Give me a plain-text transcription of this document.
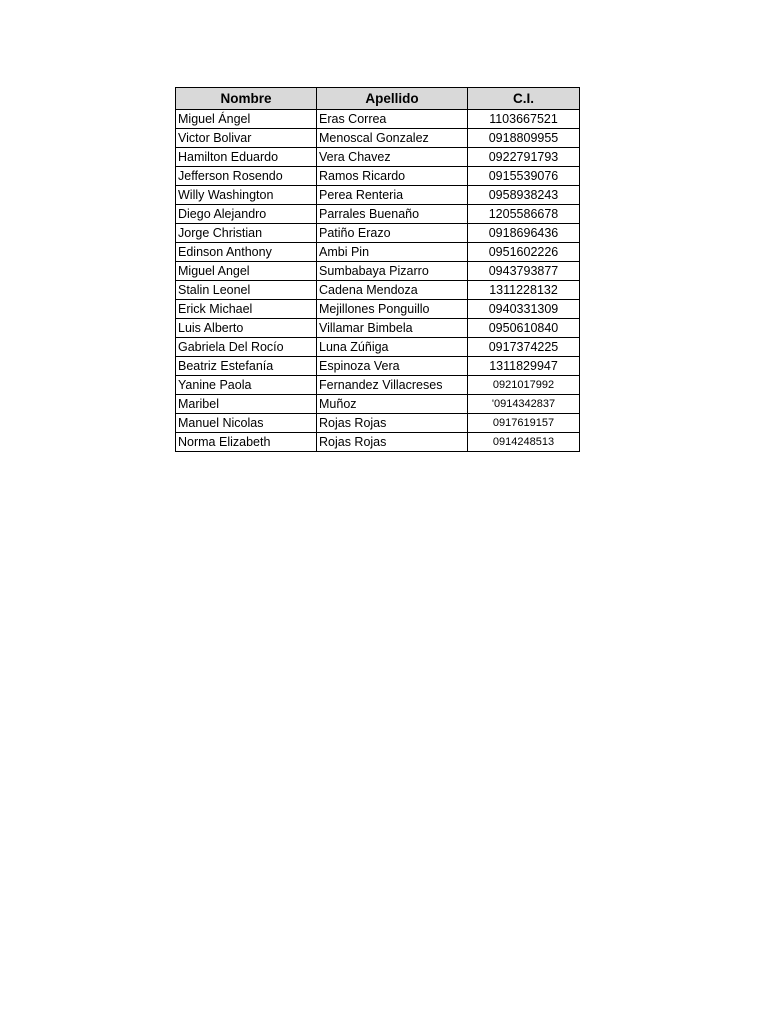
Nombre	Apellido	C.I.
Miguel Ángel	Eras Correa	1103667521
Victor Bolivar	Menoscal Gonzalez	0918809955
Hamilton Eduardo	Vera Chavez	0922791793
Jefferson Rosendo	Ramos Ricardo	0915539076
Willy Washington	Perea Renteria	0958938243
Diego Alejandro	Parrales Buenaño	1205586678
Jorge Christian	Patiño Erazo	0918696436
Edinson Anthony	Ambi Pin	0951602226
Miguel Angel	Sumbabaya Pizarro	0943793877
Stalin Leonel	Cadena Mendoza	1311228132
Erick Michael	Mejillones Ponguillo	0940331309
Luis Alberto	Villamar Bimbela	0950610840
Gabriela Del Rocío	Luna Zúñiga	0917374225
Beatriz Estefanía	Espinoza Vera	1311829947
Yanine Paola	Fernandez Villacreses	0921017992
Maribel	Muñoz	'0914342837
Manuel Nicolas	Rojas Rojas	0917619157
Norma Elizabeth	Rojas Rojas	0914248513
